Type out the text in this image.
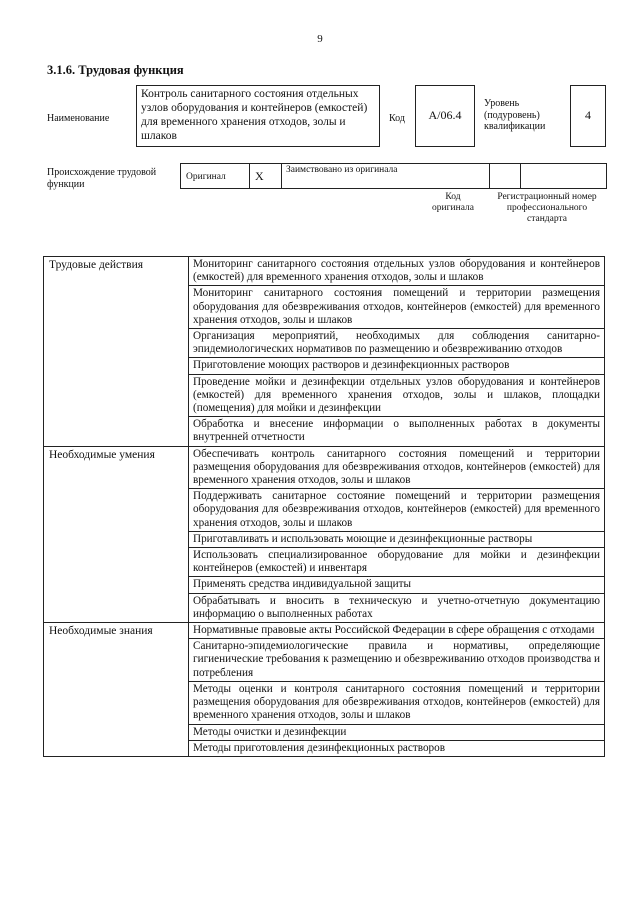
9
3.1.6. Трудовая функция
Наименование
Контроль санитарного состояния отдельных узлов оборудования и контейнеров (емкостей) для временного хранения отходов, золы и шлаков
Код	А/06.4
Уровень (подуровень) квалификации
4
Происхождение трудовой функции
Оригинал X Заимствовано из оригинала
Код оригинала
Регистрационный номер профессионального стандарта
Трудовые действия	Мониторинг санитарного состояния отдельных узлов оборудования и контейнеров (емкостей) для временного хранения отходов, золы и шлаков
	Мониторинг санитарного состояния помещений и территории размещения оборудования для обезвреживания отходов, контейнеров (емкостей) для временного хранения отходов, золы и шлаков
	Организация мероприятий, необходимых для соблюдения санитарно-эпидемиологических нормативов по размещению и обезвреживанию отходов
	Приготовление моющих растворов и дезинфекционных растворов
	Проведение мойки и дезинфекции отдельных узлов оборудования и контейнеров (емкостей) для временного хранения отходов, золы и шлаков, площадки (помещения) для мойки и дезинфекции
	Обработка и внесение информации о выполненных работах в документы внутренней отчетности
Необходимые умения	Обеспечивать контроль санитарного состояния помещений и территории размещения оборудования для обезвреживания отходов, контейнеров (емкостей) для временного хранения отходов, золы и шлаков
	Поддерживать санитарное состояние помещений и территории размещения оборудования для обезвреживания отходов, контейнеров (емкостей) для временного хранения отходов, золы и шлаков
	Приготавливать и использовать моющие и дезинфекционные растворы
	Использовать специализированное оборудование для мойки и дезинфекции контейнеров (емкостей) и инвентаря
	Применять средства индивидуальной защиты
	Обрабатывать и вносить в техническую и учетно-отчетную документацию информацию о выполненных работах
Необходимые знания	Нормативные правовые акты Российской Федерации в сфере обращения с отходами
	Санитарно-эпидемиологические правила и нормативы, определяющие гигиенические требования к размещению и обезвреживанию отходов производства и потребления
	Методы оценки и контроля санитарного состояния помещений и территории размещения оборудования для обезвреживания отходов, контейнеров (емкостей) для временного хранения отходов, золы и шлаков
	Методы очистки и дезинфекции
	Методы приготовления дезинфекционных растворов
